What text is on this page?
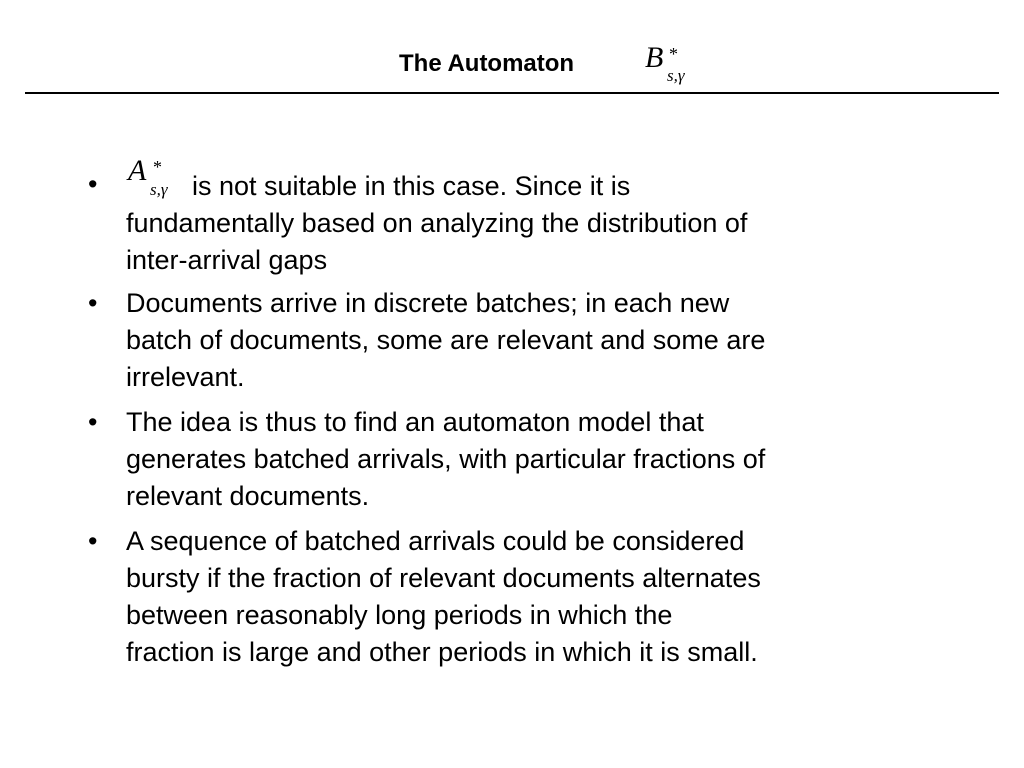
The Automaton B *
s,γ
• A *
s,γ is not suitable in this case. Since it is
fundamentally based on analyzing the distribution of
inter-arrival gaps
• Documents arrive in discrete batches; in each new
batch of documents, some are relevant and some are
irrelevant.
• The idea is thus to find an automaton model that
generates batched arrivals, with particular fractions of
relevant documents.
• A sequence of batched arrivals could be considered
bursty if the fraction of relevant documents alternates
between reasonably long periods in which the
fraction is large and other periods in which it is small.
